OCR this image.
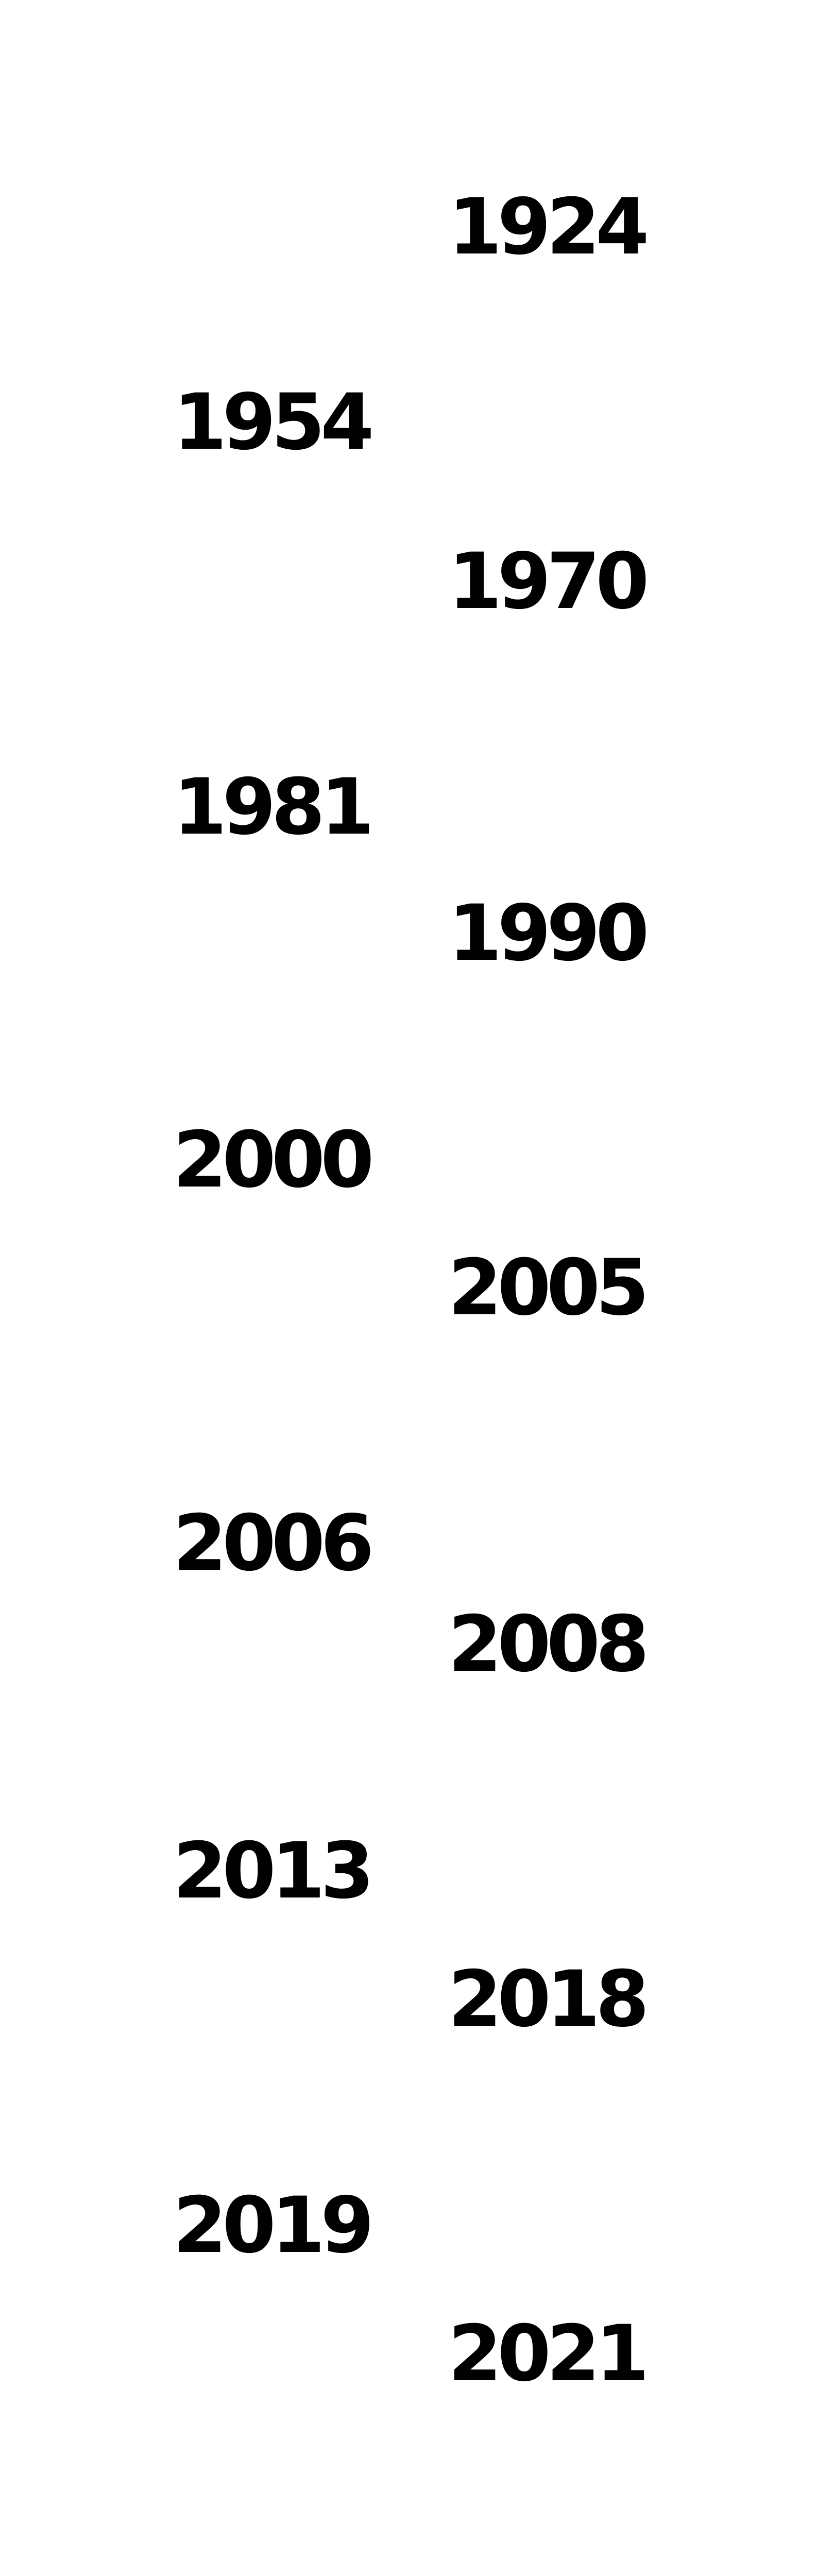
1924
1954
1970
1981
1990
2000
2005
2006
2008
2013
2018
2019
2021
